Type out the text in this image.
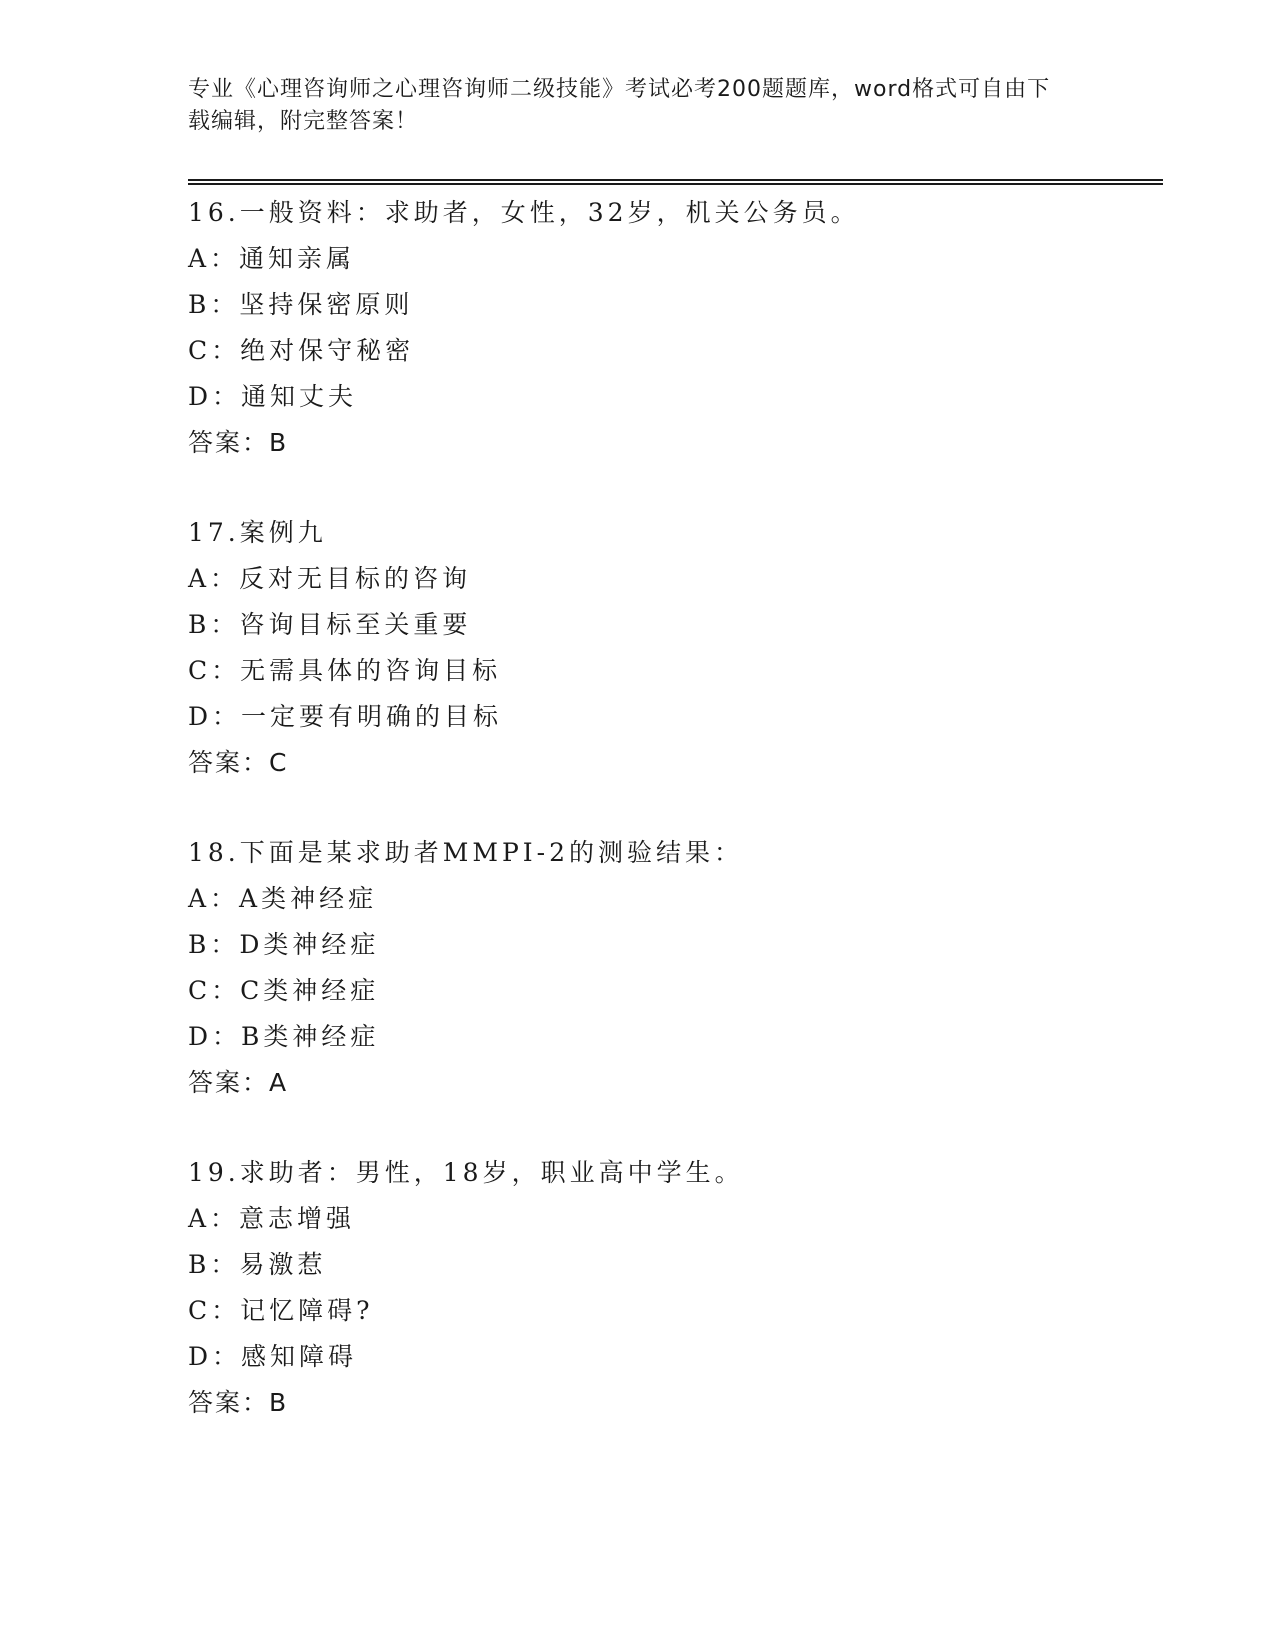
专业《心理咨询师之心理咨询师二级技能》考试必考200题题库，word格式可自由下载编辑，附完整答案！

16.一般资料：求助者，女性，32岁，机关公务员。
A：通知亲属
B：坚持保密原则
C：绝对保守秘密
D：通知丈夫
答案：B
17.案例九
A：反对无目标的咨询
B：咨询目标至关重要
C：无需具体的咨询目标
D：一定要有明确的目标
答案：C
18.下面是某求助者MMPI-2的测验结果：
A：A类神经症
B：D类神经症
C：C类神经症
D：B类神经症
答案：A
19.求助者：男性，18岁，职业高中学生。
A：意志增强
B：易激惹
C：记忆障碍?
D：感知障碍
答案：B
